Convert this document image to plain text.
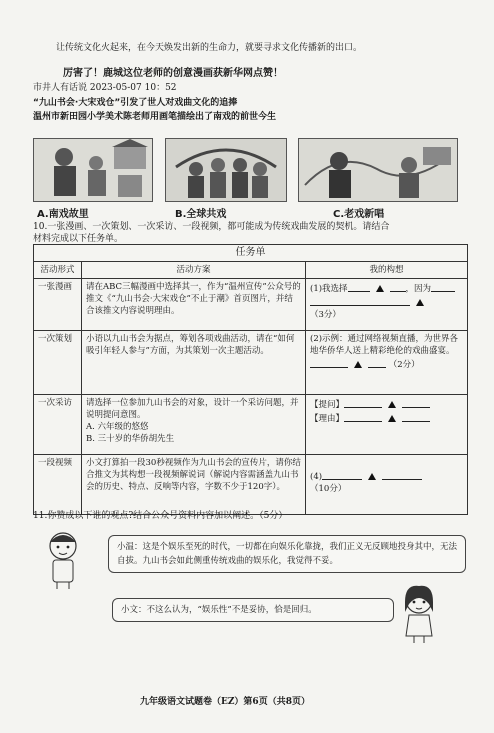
让传统文化火起来，在今天焕发出新的生命力，就要寻求文化传播新的出口。
厉害了！鹿城这位老师的创意漫画获新华网点赞！
市井人有话说 2023-05-07 10：52
“九山书会·大宋戏仓”引发了世人对戏曲文化的追捧
温州市新田园小学美术陈老师用画笔描绘出了南戏的前世今生
A.南戏故里	B.全球共戏	C.老戏新唱
10.一张漫画、一次策划、一次采访、一段视频，都可能成为传统戏曲发展的契机。请结合
材料完成以下任务单。
任务单		
活动形式	活动方案	我的构想
一张漫画	请在ABC三幅漫画中选择其一，作为“温州宣传”公众号的推文《“九山书会·大宋戏仓”不止于潮》首页图片，并结合该推文内容说明理由。	(1)我选择 ，因为

（3分）
一次策划	小语以九山书会为据点，筹划各项戏曲活动，请在“如何吸引年轻人参与”方面，为其策划一次主题活动。	(2)示例：通过网络视频直播，为世界各地华侨华人送上精彩绝伦的戏曲盛宴。
（2分）
一次采访	请选择一位参加九山书会的对象，设计一个采访问题，并说明提问意图。
A. 六年级的悠悠
B. 三十岁的华侨胡先生	【提问】
【理由】
一段视频	小文打算拍一段30秒视频作为九山书会的宣传片，请你结合推文为其构想一段视频解说词（解说内容需涵盖九山书会的历史、特点、反响等内容，字数不少于120字）。	(4)
（10分）
11.你赞成以下谁的观点?结合公众号资料内容加以阐述。（5分）
小温：这是个娱乐至死的时代，一切都在向娱乐化靠拢，我们正义无反顾地投身其中，无法自拔。九山书会如此侧重传统戏曲的娱乐化，我觉得不妥。
小文：不这么认为，“娱乐性”不是妥协，恰是回归。
九年级语文试题卷（EZ）第6页（共8页）
